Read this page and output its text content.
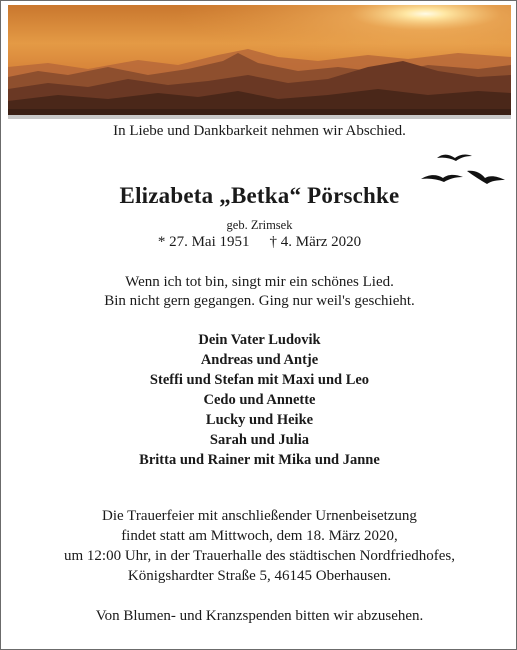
In Liebe und Dankbarkeit nehmen wir Abschied.
Elizabeta „Betka“ Pörschke
geb. Zrimsek
* 27. Mai 1951 † 4. März 2020
Wenn ich tot bin, singt mir ein schönes Lied.
Bin nicht gern gegangen. Ging nur weil's geschieht.
Dein Vater Ludovik
Andreas und Antje
Steffi und Stefan mit Maxi und Leo
Cedo und Annette
Lucky und Heike
Sarah und Julia
Britta und Rainer mit Mika und Janne
Die Trauerfeier mit anschließender Urnenbeisetzung
findet statt am Mittwoch, dem 18. März 2020,
um 12:00 Uhr, in der Trauerhalle des städtischen Nordfriedhofes,
Königshardter Straße 5, 46145 Oberhausen.
Von Blumen- und Kranzspenden bitten wir abzusehen.
